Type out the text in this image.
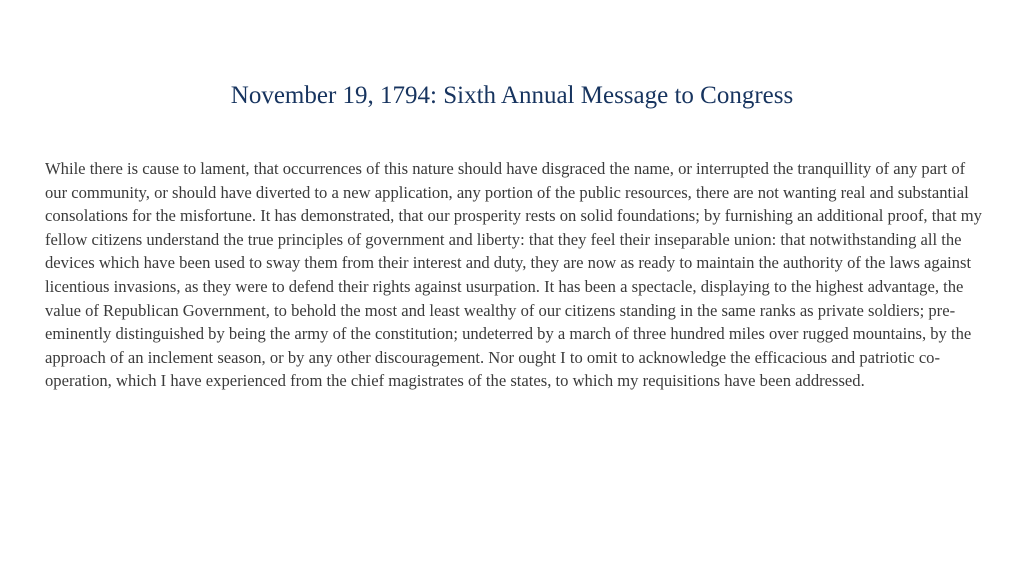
November 19, 1794: Sixth Annual Message to Congress

While there is cause to lament, that occurrences of this nature should have disgraced the name, or interrupted the tranquillity of any part of our community, or should have diverted to a new application, any portion of the public resources, there are not wanting real and substantial consolations for the misfortune. It has demonstrated, that our prosperity rests on solid foundations; by furnishing an additional proof, that my fellow citizens understand the true principles of government and liberty: that they feel their inseparable union: that notwithstanding all the devices which have been used to sway them from their interest and duty, they are now as ready to maintain the authority of the laws against licentious invasions, as they were to defend their rights against usurpation. It has been a spectacle, displaying to the highest advantage, the value of Republican Government, to behold the most and least wealthy of our citizens standing in the same ranks as private soldiers; pre-eminently distinguished by being the army of the constitution; undeterred by a march of three hundred miles over rugged mountains, by the approach of an inclement season, or by any other discouragement. Nor ought I to omit to acknowledge the efficacious and patriotic co-operation, which I have experienced from the chief magistrates of the states, to which my requisitions have been addressed.
